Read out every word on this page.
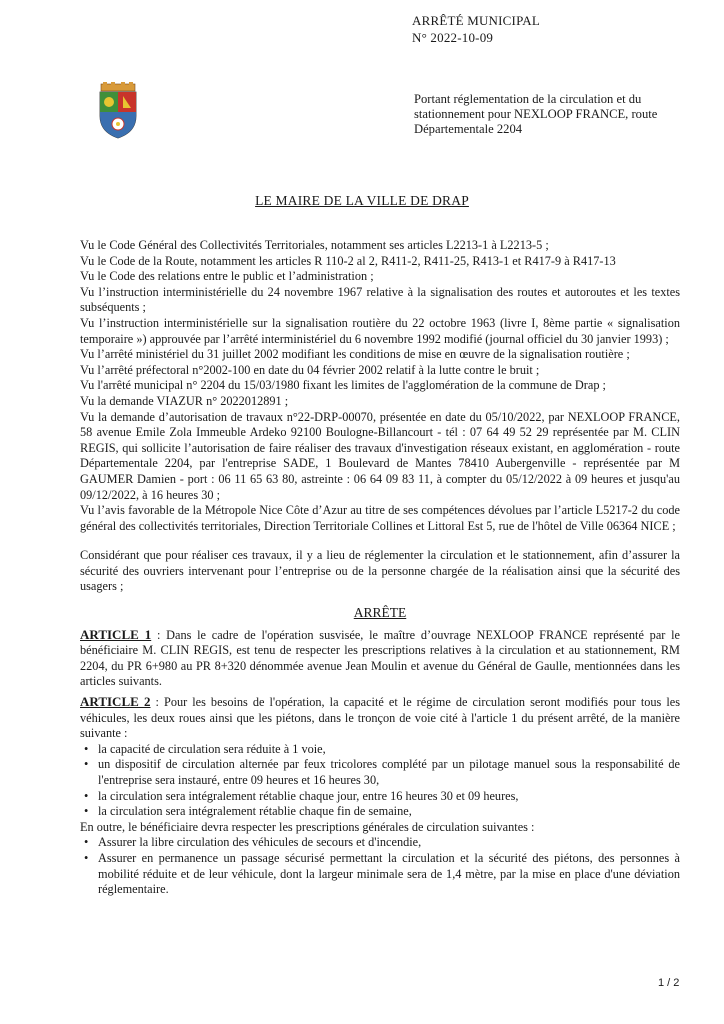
ARRÊTÉ MUNICIPAL
N° 2022-10-09
Portant réglementation de la circulation et du stationnement pour NEXLOOP FRANCE, route Départementale 2204
LE MAIRE DE LA VILLE DE DRAP

Vu le Code Général des Collectivités Territoriales, notamment ses articles L2213-1 à L2213-5 ;

Vu le Code de la Route, notamment les articles R 110-2 al 2, R411-2, R411-25, R413-1 et R417-9 à R417-13

Vu le Code des relations entre le public et l’administration ;

Vu l’instruction interministérielle du 24 novembre 1967 relative à la signalisation des routes et autoroutes et les textes subséquents ;

Vu l’instruction interministérielle sur la signalisation routière du 22 octobre 1963 (livre I, 8ème partie « signalisation temporaire ») approuvée par l’arrêté interministériel du 6 novembre 1992 modifié (journal officiel du 30 janvier 1993) ;

Vu l’arrêté ministériel du 31 juillet 2002 modifiant les conditions de mise en œuvre de la signalisation routière ;

Vu l’arrêté préfectoral n°2002-100 en date du 04 février 2002 relatif à la lutte contre le bruit ;

Vu l'arrêté municipal n° 2204 du 15/03/1980 fixant les limites de l'agglomération de la commune de Drap ;

Vu la demande VIAZUR n° 2022012891 ;

Vu la demande d’autorisation de travaux n°22-DRP-00070, présentée en date du 05/10/2022, par NEXLOOP FRANCE, 58 avenue Emile Zola Immeuble Ardeko 92100 Boulogne-Billancourt - tél : 07 64 49 52 29 représentée par M. CLIN REGIS, qui sollicite l’autorisation de faire réaliser des travaux d'investigation réseaux existant, en agglomération - route Départementale 2204, par l'entreprise SADE, 1 Boulevard de Mantes 78410 Aubergenville - représentée par M GAUMER Damien - port : 06 11 65 63 80, astreinte : 06 64 09 83 11, à compter du 05/12/2022 à 09 heures et jusqu'au 09/12/2022, à 16 heures 30 ;

Vu l’avis favorable de la Métropole Nice Côte d’Azur au titre de ses compétences dévolues par l’article L5217-2 du code général des collectivités territoriales, Direction Territoriale Collines et Littoral Est 5, rue de l'hôtel de Ville 06364 NICE ;

Considérant que pour réaliser ces travaux, il y a lieu de réglementer la circulation et le stationnement, afin d’assurer la sécurité des ouvriers intervenant pour l’entreprise ou de la personne chargée de la réalisation ainsi que la sécurité des usagers ;

ARRÊTE

ARTICLE 1 : Dans le cadre de l'opération susvisée, le maître d’ouvrage NEXLOOP FRANCE représenté par le bénéficiaire M. CLIN REGIS, est tenu de respecter les prescriptions relatives à la circulation et au stationnement, RM 2204, du PR 6+980 au PR 8+320 dénommée avenue Jean Moulin et avenue du Général de Gaulle, mentionnées dans les articles suivants.

ARTICLE 2 : Pour les besoins de l'opération, la capacité et le régime de circulation seront modifiés pour tous les véhicules, les deux roues ainsi que les piétons, dans le tronçon de voie cité à l'article 1 du présent arrêté, de la manière suivante :

• la capacité de circulation sera réduite à 1 voie,
• un dispositif de circulation alternée par feux tricolores complété par un pilotage manuel sous la responsabilité de l'entreprise sera instauré, entre 09 heures et 16 heures 30,
• la circulation sera intégralement rétablie chaque jour, entre 16 heures 30 et 09 heures,
• la circulation sera intégralement rétablie chaque fin de semaine,

En outre, le bénéficiaire devra respecter les prescriptions générales de circulation suivantes :

• Assurer la libre circulation des véhicules de secours et d'incendie,
• Assurer en permanence un passage sécurisé permettant la circulation et la sécurité des piétons, des personnes à mobilité réduite et de leur véhicule, dont la largeur minimale sera de 1,4 mètre, par la mise en place d'une déviation réglementaire.
1 / 2
